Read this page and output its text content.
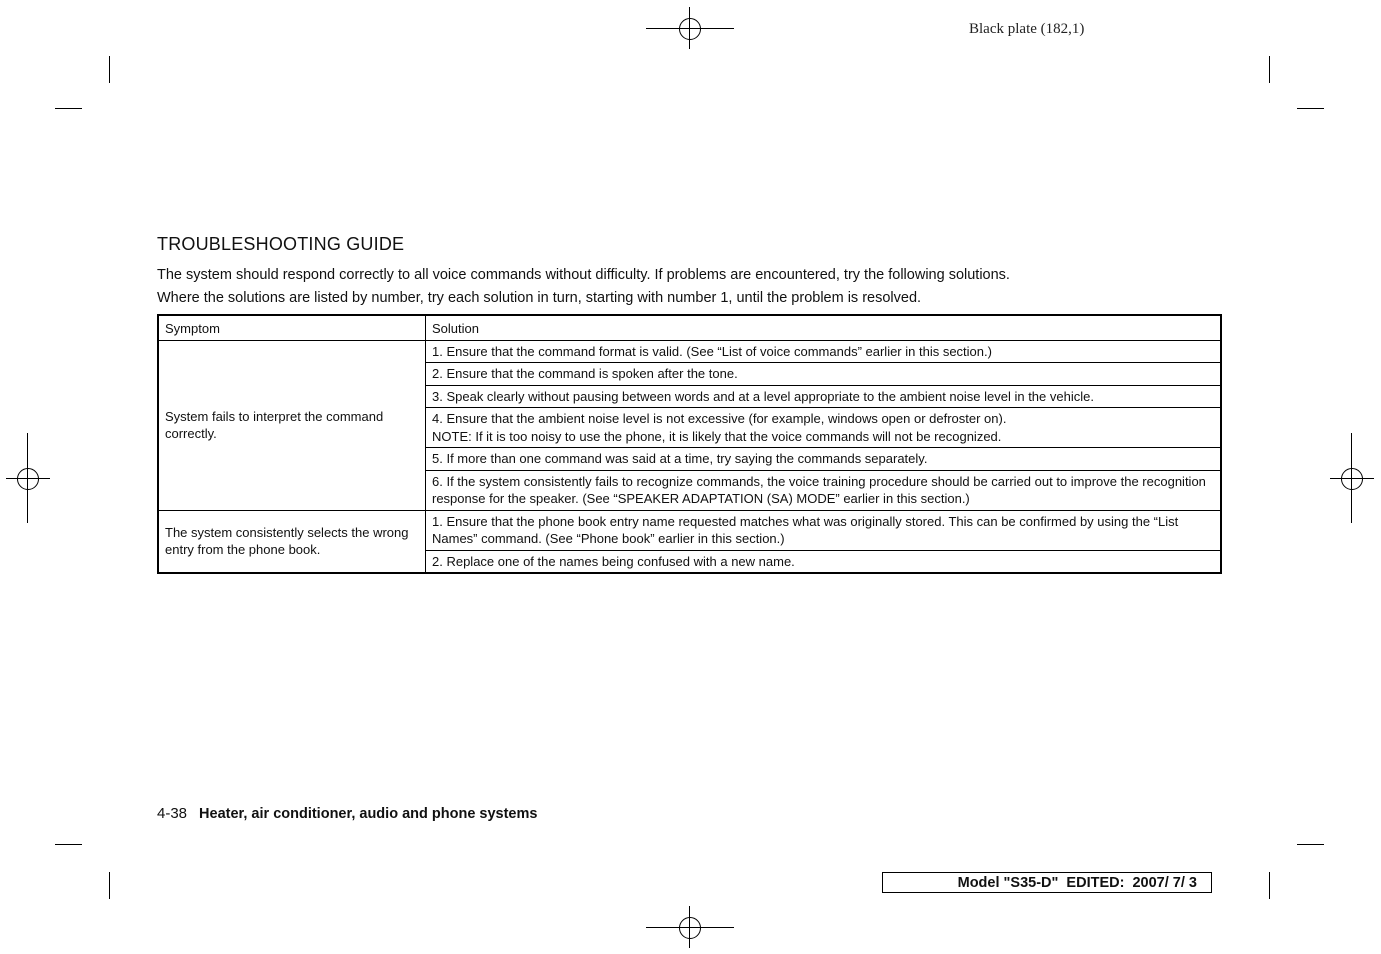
Black plate (182,1)
TROUBLESHOOTING GUIDE

The system should respond correctly to all voice commands without difficulty. If problems are encountered, try the following solutions.

Where the solutions are listed by number, try each solution in turn, starting with number 1, until the problem is resolved.

Symptom	Solution
System fails to interpret the command correctly.	1. Ensure that the command format is valid. (See “List of voice commands” earlier in this section.)
	2. Ensure that the command is spoken after the tone.
	3. Speak clearly without pausing between words and at a level appropriate to the ambient noise level in the vehicle.

	4. Ensure that the ambient noise level is not excessive (for example, windows open or defroster on).
NOTE: If it is too noisy to use the phone, it is likely that the voice commands will not be recognized.

	5. If more than one command was said at a time, try saying the commands separately.
	6. If the system consistently fails to recognize commands, the voice training procedure should be carried out to improve the recognition response for the speaker. (See “SPEAKER ADAPTATION (SA) MODE” earlier in this section.)
The system consistently selects the wrong entry from the phone book.	1. Ensure that the phone book entry name requested matches what was originally stored. This can be confirmed by using the “List Names” command. (See “Phone book” earlier in this section.)
	2. Replace one of the names being confused with a new name.
4-38 Heater, air conditioner, audio and phone systems
Model "S35-D"  EDITED:  2007/ 7/ 3
